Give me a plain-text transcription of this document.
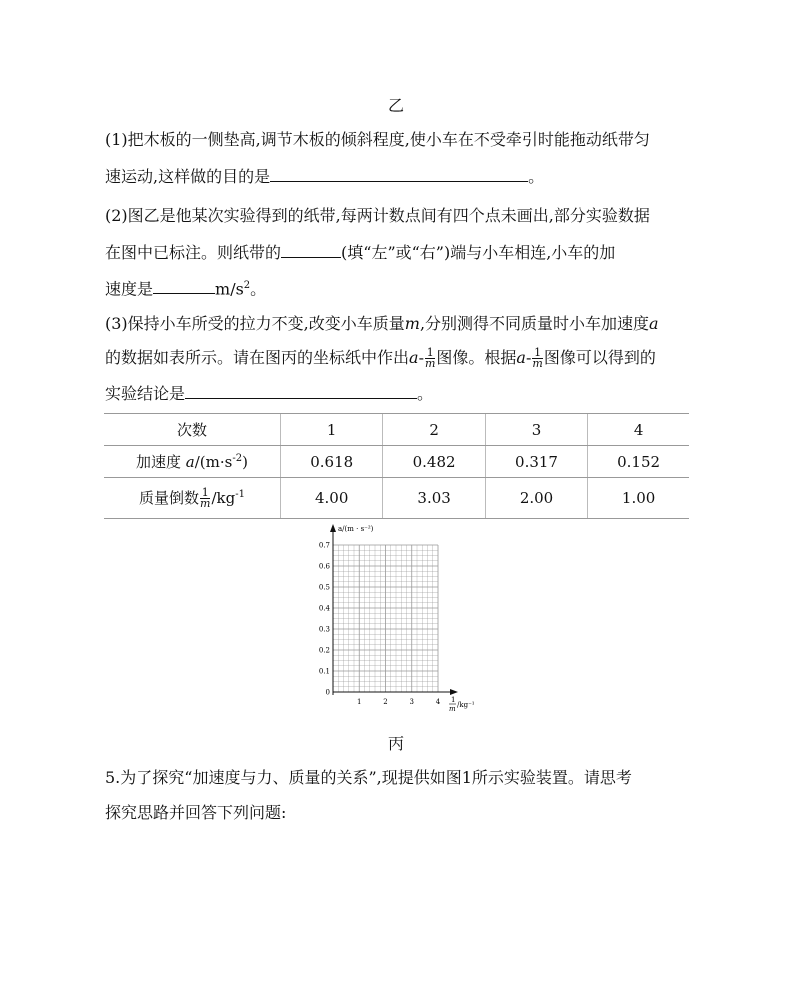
乙
(1)把木板的一侧垫高,调节木板的倾斜程度,使小车在不受牵引时能拖动纸带匀
速运动,这样做的目的是	。
(2)图乙是他某次实验得到的纸带,每两计数点间有四个点未画出,部分实验数据
在图中已标注。则纸带的	(填“左”或“右”)端与小车相连,小车的加
速度是	$m/s^2$。
(3)保持小车所受的拉力不变,改变小车质量m,分别测得不同质量时小车加速度a
的数据如表所示。请在图丙的坐标纸中作出$a- \frac{1}{m}$ 图像。根据$a- \frac{1}{m}$ 图像可以得到的
实验结论是	。
次数	1	2	3	4
加速度 $a/(m\cdot s^{-2})$	0.618	0.482	0.317	0.152
质量倒数 $\frac{1}{m} /kg^{-1}$	4.00	3.03	2.00	1.00
a/(m · s⁻²)
0.7
0.6
0.5
0.4
0.3
0.2
0.1
0
1	2	3	4 1
m /kg⁻¹
丙
5.为了探究“加速度与力、质量的关系”,现提供如图1所示实验装置。请思考
探究思路并回答下列问题:
